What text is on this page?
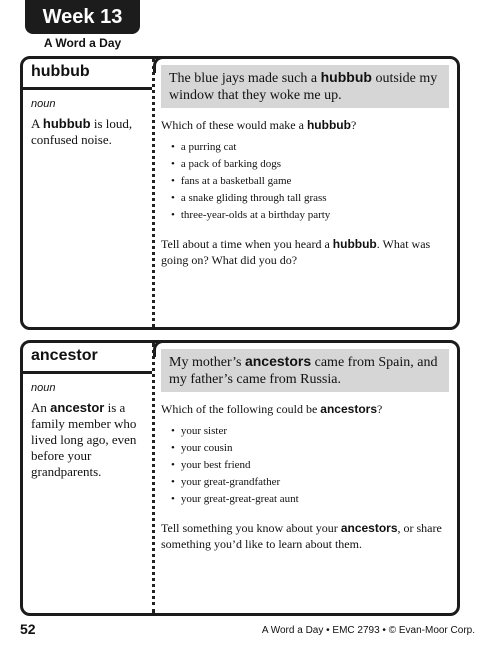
Week 13
A Word a Day
hubbub
noun
A hubbub is loud, confused noise.
The blue jays made such a hubbub outside my window that they woke me up.
Which of these would make a hubbub?
• a purring cat
• a pack of barking dogs
• fans at a basketball game
• a snake gliding through tall grass
• three-year-olds at a birthday party
Tell about a time when you heard a hubbub. What was going on? What did you do?
ancestor
noun
An ancestor is a family member who lived long ago, even before your grandparents.
My mother’s ancestors came from Spain, and my father’s came from Russia.
Which of the following could be ancestors?
• your sister
• your cousin
• your best friend
• your great-grandfather
• your great-great-great aunt
Tell something you know about your ancestors, or share something you’d like to learn about them.
52	A Word a Day • EMC 2793 • © Evan-Moor Corp.
